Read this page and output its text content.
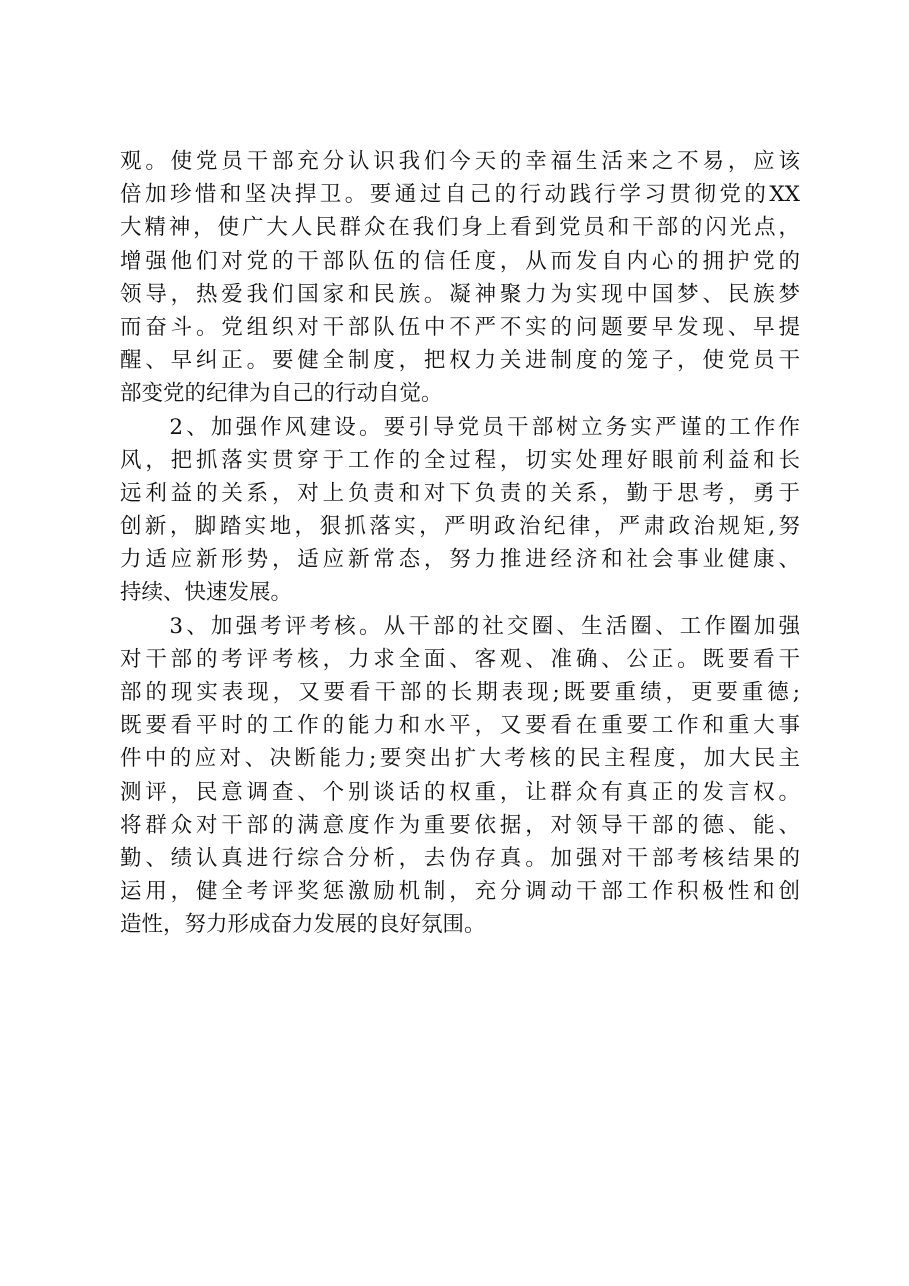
观。使党员干部充分认识我们今天的幸福生活来之不易，应该
倍加珍惜和坚决捍卫。要通过自己的行动践行学习贯彻党的XX
大精神，使广大人民群众在我们身上看到党员和干部的闪光点，
增强他们对党的干部队伍的信任度，从而发自内心的拥护党的
领导，热爱我们国家和民族。凝神聚力为实现中国梦、民族梦
而奋斗。党组织对干部队伍中不严不实的问题要早发现、早提
醒、早纠正。要健全制度，把权力关进制度的笼子，使党员干
部变党的纪律为自己的行动自觉。
　　2、加强作风建设。要引导党员干部树立务实严谨的工作作
风，把抓落实贯穿于工作的全过程，切实处理好眼前利益和长
远利益的关系，对上负责和对下负责的关系，勤于思考，勇于
创新，脚踏实地，狠抓落实，严明政治纪律，严肃政治规矩,努
力适应新形势，适应新常态，努力推进经济和社会事业健康、
持续、快速发展。
　　3、加强考评考核。从干部的社交圈、生活圈、工作圈加强
对干部的考评考核，力求全面、客观、准确、公正。既要看干
部的现实表现，又要看干部的长期表现;既要重绩，更要重德;
既要看平时的工作的能力和水平，又要看在重要工作和重大事
件中的应对、决断能力;要突出扩大考核的民主程度，加大民主
测评，民意调查、个别谈话的权重，让群众有真正的发言权。
将群众对干部的满意度作为重要依据，对领导干部的德、能、
勤、绩认真进行综合分析，去伪存真。加强对干部考核结果的
运用，健全考评奖惩激励机制，充分调动干部工作积极性和创
造性，努力形成奋力发展的良好氛围。
